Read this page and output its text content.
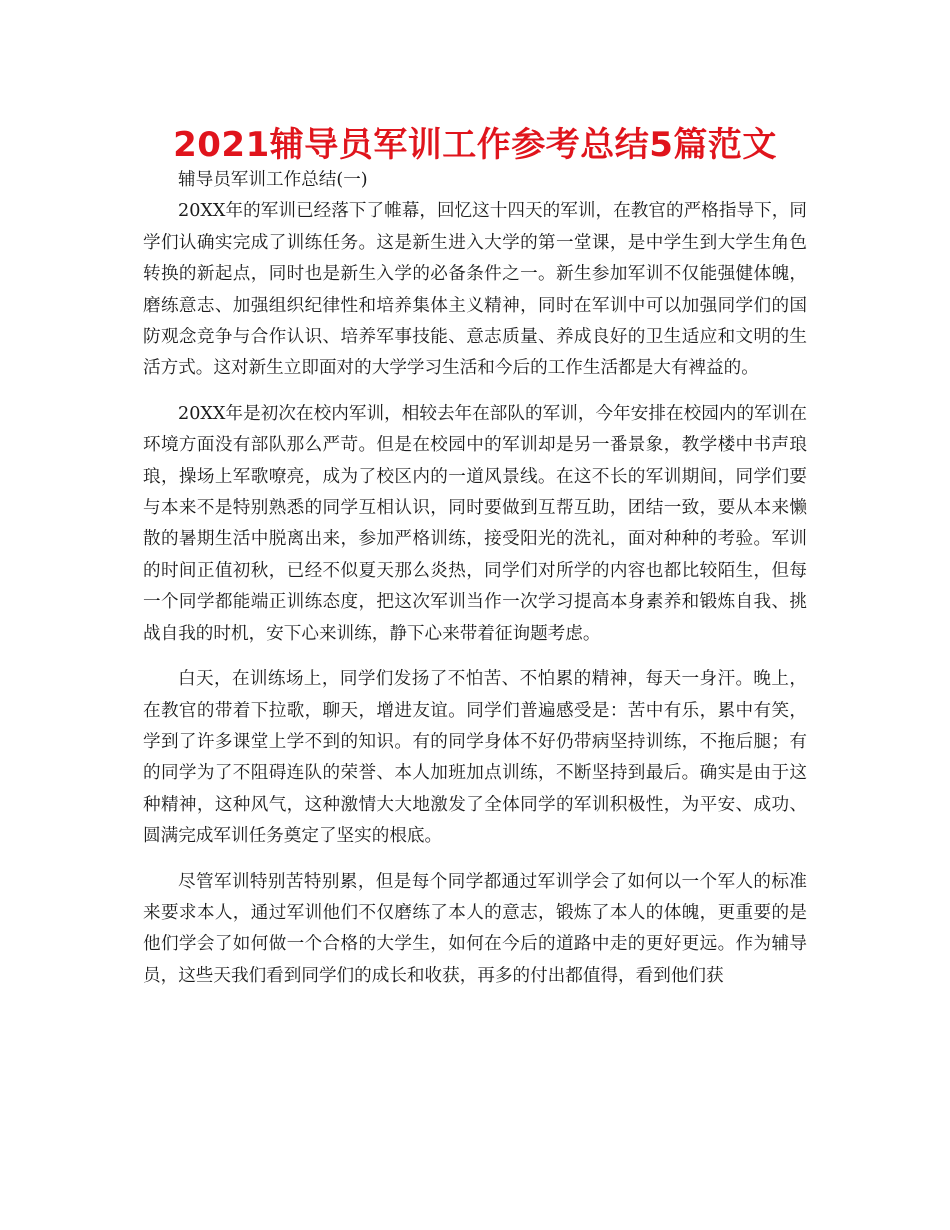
2021辅导员军训工作参考总结5篇范文

辅导员军训工作总结(一)

20XX年的军训已经落下了帷幕，回忆这十四天的军训，在教官的严格指导下，同学们认确实完成了训练任务。这是新生进入大学的第一堂课，是中学生到大学生角色转换的新起点，同时也是新生入学的必备条件之一。新生参加军训不仅能强健体魄，磨练意志、加强组织纪律性和培养集体主义精神，同时在军训中可以加强同学们的国防观念竞争与合作认识、培养军事技能、意志质量、养成良好的卫生适应和文明的生活方式。这对新生立即面对的大学学习生活和今后的工作生活都是大有裨益的。

20XX年是初次在校内军训，相较去年在部队的军训，今年安排在校园内的军训在环境方面没有部队那么严苛。但是在校园中的军训却是另一番景象，教学楼中书声琅琅，操场上军歌嘹亮，成为了校区内的一道风景线。在这不长的军训期间，同学们要与本来不是特别熟悉的同学互相认识，同时要做到互帮互助，团结一致，要从本来懒散的暑期生活中脱离出来，参加严格训练，接受阳光的洗礼，面对种种的考验。军训的时间正值初秋，已经不似夏天那么炎热，同学们对所学的内容也都比较陌生，但每一个同学都能端正训练态度，把这次军训当作一次学习提高本身素养和锻炼自我、挑战自我的时机，安下心来训练，静下心来带着征询题考虑。

白天，在训练场上，同学们发扬了不怕苦、不怕累的精神，每天一身汗。晚上，在教官的带着下拉歌，聊天，增进友谊。同学们普遍感受是：苦中有乐，累中有笑，学到了许多课堂上学不到的知识。有的同学身体不好仍带病坚持训练，不拖后腿；有的同学为了不阻碍连队的荣誉、本人加班加点训练，不断坚持到最后。确实是由于这种精神，这种风气，这种激情大大地激发了全体同学的军训积极性，为平安、成功、圆满完成军训任务奠定了坚实的根底。

尽管军训特别苦特别累，但是每个同学都通过军训学会了如何以一个军人的标准来要求本人，通过军训他们不仅磨练了本人的意志，锻炼了本人的体魄，更重要的是他们学会了如何做一个合格的大学生，如何在今后的道路中走的更好更远。作为辅导员，这些天我们看到同学们的成长和收获，再多的付出都值得，看到他们获
